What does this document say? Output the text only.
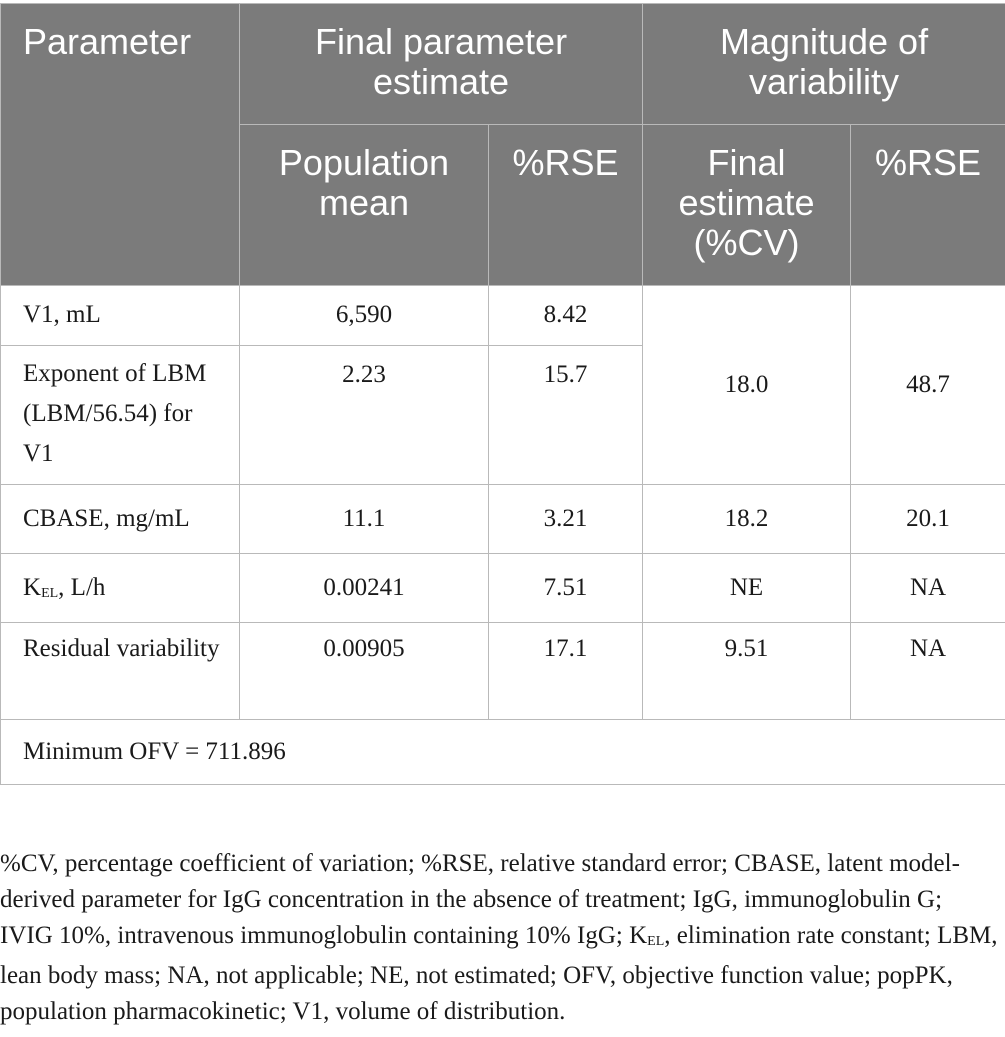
Parameter	Final parameter estimate		Magnitude of variability	
	Population mean	%RSE	Final estimate (%CV)	%RSE
V1, mL	6,590	8.42	18.0	48.7
Exponent of LBM (LBM/56.54) for V1	2.23	15.7		
CBASE, mg/mL	11.1	3.21	18.2	20.1
$K_{EL}$, L/h	0.00241	7.51	NE	NA
Residual variability	0.00905	17.1	9.51	NA
Minimum OFV = 711.896				

%CV, percentage coefficient of variation; %RSE, relative standard error; CBASE, latent model-derived parameter for IgG concentration in the absence of treatment; IgG, immunoglobulin G; IVIG 10%, intravenous immunoglobulin containing 10% IgG; $K_{EL}$, elimination rate constant; LBM, lean body mass; NA, not applicable; NE, not estimated; OFV, objective function value; popPK, population pharmacokinetic; V1, volume of distribution.
